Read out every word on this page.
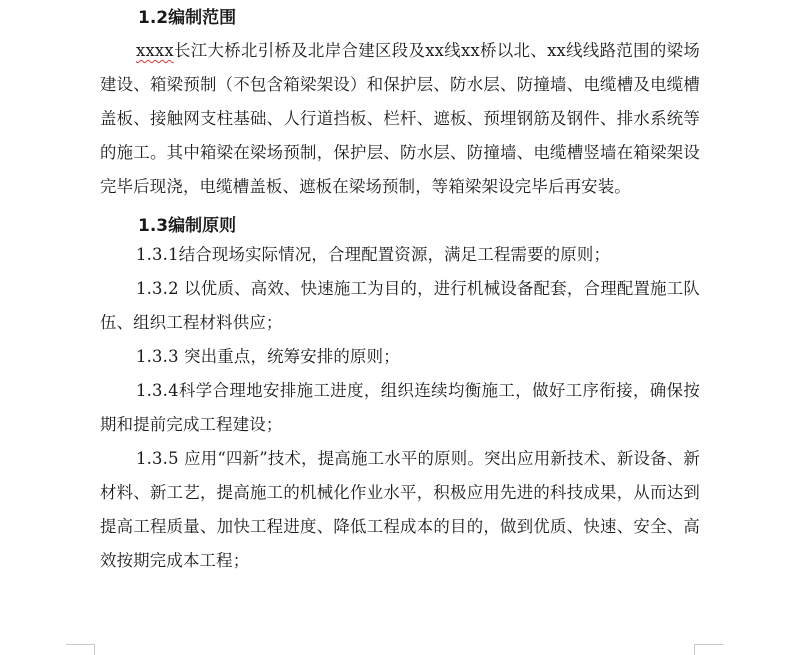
1.2编制范围

xxxx长江大桥北引桥及北岸合建区段及xx线xx桥以北、xx线线路范围的梁场建设、箱梁预制（不包含箱梁架设）和保护层、防水层、防撞墙、电缆槽及电缆槽盖板、接触网支柱基础、人行道挡板、栏杆、遮板、预埋钢筋及钢件、排水系统等的施工。其中箱梁在梁场预制，保护层、防水层、防撞墙、电缆槽竖墙在箱梁架设完毕后现浇，电缆槽盖板、遮板在梁场预制，等箱梁架设完毕后再安装。

1.3编制原则

1.3.1结合现场实际情况，合理配置资源，满足工程需要的原则；

1.3.2 以优质、高效、快速施工为目的，进行机械设备配套，合理配置施工队伍、组织工程材料供应；

1.3.3 突出重点，统筹安排的原则；

1.3.4科学合理地安排施工进度，组织连续均衡施工，做好工序衔接，确保按期和提前完成工程建设；

1.3.5 应用“四新”技术，提高施工水平的原则。突出应用新技术、新设备、新材料、新工艺，提高施工的机械化作业水平，积极应用先进的科技成果，从而达到提高工程质量、加快工程进度、降低工程成本的目的，做到优质、快速、安全、高效按期完成本工程；
